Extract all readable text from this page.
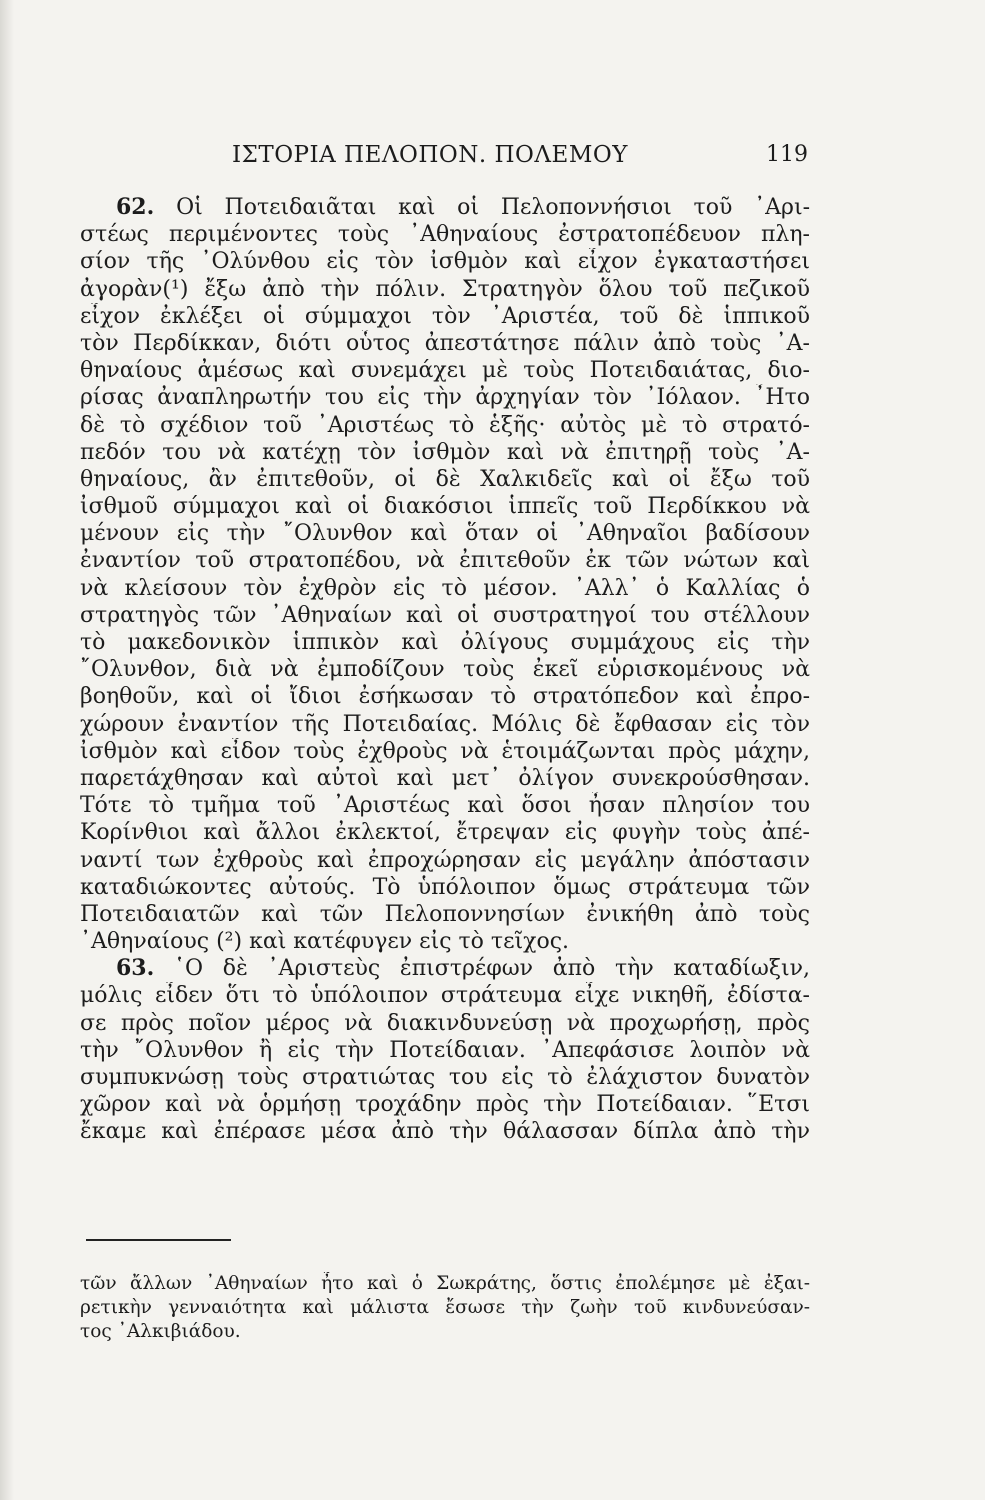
ΙΣΤΟΡΙΑ ΠΕΛΟΠΟΝ. ΠΟΛΕΜΟΥ	119
62. Οἱ Ποτειδαιᾶται καὶ οἱ Πελοποννήσιοι τοῦ ᾽Αρι-
στέως περιμένοντες τοὺς ᾽Αθηναίους ἐστρατοπέδευον πλη-
σίον τῆς ᾽Ολύνθου εἰς τὸν ἰσθμὸν καὶ εἶχον ἐγκαταστήσει
ἀγορὰν(¹) ἔξω ἀπὸ τὴν πόλιν. Στρατηγὸν ὅλου τοῦ πεζικοῦ
εἶχον ἐκλέξει οἱ σύμμαχοι τὸν ᾽Αριστέα, τοῦ δὲ ἱππικοῦ
τὸν Περδίκκαν, διότι οὗτος ἀπεστάτησε πάλιν ἀπὸ τοὺς ᾽Α-
θηναίους ἀμέσως καὶ συνεμάχει μὲ τοὺς Ποτειδαιάτας, διο-
ρίσας ἀναπληρωτήν του εἰς τὴν ἀρχηγίαν τὸν ᾽Ιόλαον. ῏Ητο
δὲ τὸ σχέδιον τοῦ ᾽Αριστέως τὸ ἑξῆς· αὐτὸς μὲ τὸ στρατό-
πεδόν του νὰ κατέχῃ τὸν ἰσθμὸν καὶ νὰ ἐπιτηρῇ τοὺς ᾽Α-
θηναίους, ἂν ἐπιτεθοῦν, οἱ δὲ Χαλκιδεῖς καὶ οἱ ἔξω τοῦ
ἰσθμοῦ σύμμαχοι καὶ οἱ διακόσιοι ἱππεῖς τοῦ Περδίκκου νὰ
μένουν εἰς τὴν ῎Ολυνθον καὶ ὅταν οἱ ᾽Αθηναῖοι βαδίσουν
ἐναντίον τοῦ στρατοπέδου, νὰ ἐπιτεθοῦν ἐκ τῶν νώτων καὶ
νὰ κλείσουν τὸν ἐχθρὸν εἰς τὸ μέσον. ᾽Αλλ᾽ ὁ Καλλίας ὁ
στρατηγὸς τῶν ᾽Αθηναίων καὶ οἱ συστρατηγοί του στέλλουν
τὸ μακεδονικὸν ἱππικὸν καὶ ὀλίγους συμμάχους εἰς τὴν
῎Ολυνθον, διὰ νὰ ἐμποδίζουν τοὺς ἐκεῖ εὑρισκομένους νὰ
βοηθοῦν, καὶ οἱ ἴδιοι ἐσήκωσαν τὸ στρατόπεδον καὶ ἐπρο-
χώρουν ἐναντίον τῆς Ποτειδαίας. Μόλις δὲ ἔφθασαν εἰς τὸν
ἰσθμὸν καὶ εἶδον τοὺς ἐχθροὺς νὰ ἑτοιμάζωνται πρὸς μάχην,
παρετάχθησαν καὶ αὐτοὶ καὶ μετ᾽ ὀλίγον συνεκρούσθησαν.
Τότε τὸ τμῆμα τοῦ ᾽Αριστέως καὶ ὅσοι ἦσαν πλησίον του
Κορίνθιοι καὶ ἄλλοι ἐκλεκτοί, ἔτρεψαν εἰς φυγὴν τοὺς ἀπέ-
ναντί των ἐχθροὺς καὶ ἐπροχώρησαν εἰς μεγάλην ἀπόστασιν
καταδιώκοντες αὐτούς. Τὸ ὑπόλοιπον ὅμως στράτευμα τῶν
Ποτειδαιατῶν καὶ τῶν Πελοποννησίων ἐνικήθη ἀπὸ τοὺς
᾽Αθηναίους (²) καὶ κατέφυγεν εἰς τὸ τεῖχος.
63. ῾Ο δὲ ᾽Αριστεὺς ἐπιστρέφων ἀπὸ τὴν καταδίωξιν,
μόλις εἶδεν ὅτι τὸ ὑπόλοιπον στράτευμα εἶχε νικηθῆ, ἐδίστα-
σε πρὸς ποῖον μέρος νὰ διακινδυνεύσῃ νὰ προχωρήσῃ, πρὸς
τὴν ῎Ολυνθον ἢ εἰς τὴν Ποτείδαιαν. ᾽Απεφάσισε λοιπὸν νὰ
συμπυκνώσῃ τοὺς στρατιώτας του εἰς τὸ ἐλάχιστον δυνατὸν
χῶρον καὶ νὰ ὁρμήσῃ τροχάδην πρὸς τὴν Ποτείδαιαν. ῞Ετσι
ἔκαμε καὶ ἐπέρασε μέσα ἀπὸ τὴν θάλασσαν δίπλα ἀπὸ τὴν
τῶν ἄλλων ᾽Αθηναίων ἦτο καὶ ὁ Σωκράτης, ὅστις ἐπολέμησε μὲ ἐξαι-
ρετικὴν γενναιότητα καὶ μάλιστα ἔσωσε τὴν ζωὴν τοῦ κινδυνεύσαν-
τος ᾽Αλκιβιάδου.
